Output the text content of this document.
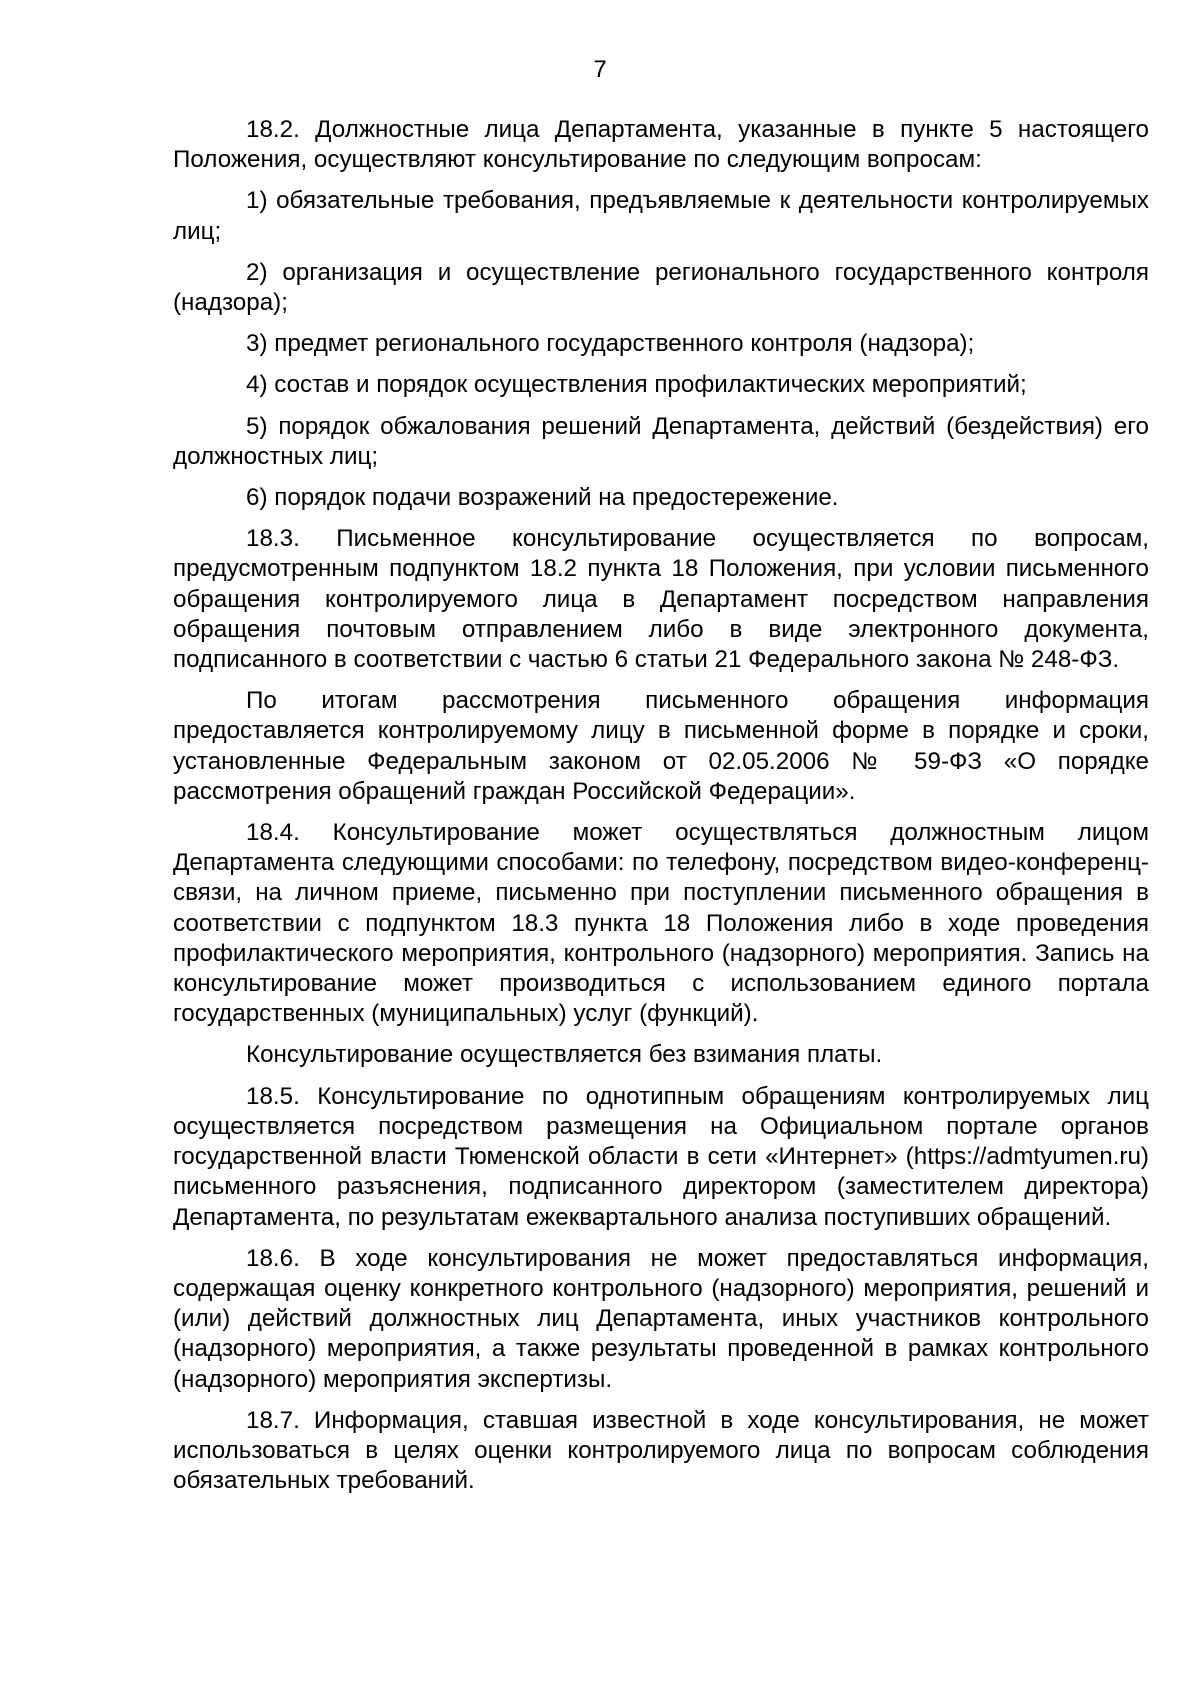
7

18.2. Должностные лица Департамента, указанные в пункте 5 настоящего Положения, осуществляют консультирование по следующим вопросам:

1) обязательные требования, предъявляемые к деятельности контролируемых лиц;

2) организация и осуществление регионального государственного контроля (надзора);

3) предмет регионального государственного контроля (надзора);

4) состав и порядок осуществления профилактических мероприятий;

5) порядок обжалования решений Департамента, действий (бездействия) его должностных лиц;

6) порядок подачи возражений на предостережение.

18.3. Письменное консультирование осуществляется по вопросам, предусмотренным подпунктом 18.2 пункта 18 Положения, при условии письменного обращения контролируемого лица в Департамент посредством направления обращения почтовым отправлением либо в виде электронного документа, подписанного в соответствии с частью 6 статьи 21 Федерального закона № 248-ФЗ.

По итогам рассмотрения письменного обращения информация предоставляется контролируемому лицу в письменной форме в порядке и сроки, установленные Федеральным законом от 02.05.2006 № 59-ФЗ «О порядке рассмотрения обращений граждан Российской Федерации».

18.4. Консультирование может осуществляться должностным лицом Департамента следующими способами: по телефону, посредством видео-конференц-связи, на личном приеме, письменно при поступлении письменного обращения в соответствии с подпунктом 18.3 пункта 18 Положения либо в ходе проведения профилактического мероприятия, контрольного (надзорного) мероприятия. Запись на консультирование может производиться с использованием единого портала государственных (муниципальных) услуг (функций).

Консультирование осуществляется без взимания платы.

18.5. Консультирование по однотипным обращениям контролируемых лиц осуществляется посредством размещения на Официальном портале органов государственной власти Тюменской области в сети «Интернет» (https://admtyumen.ru) письменного разъяснения, подписанного директором (заместителем директора) Департамента, по результатам ежеквартального анализа поступивших обращений.

18.6. В ходе консультирования не может предоставляться информация, содержащая оценку конкретного контрольного (надзорного) мероприятия, решений и (или) действий должностных лиц Департамента, иных участников контрольного (надзорного) мероприятия, а также результаты проведенной в рамках контрольного (надзорного) мероприятия экспертизы.

18.7. Информация, ставшая известной в ходе консультирования, не может использоваться в целях оценки контролируемого лица по вопросам соблюдения обязательных требований.
